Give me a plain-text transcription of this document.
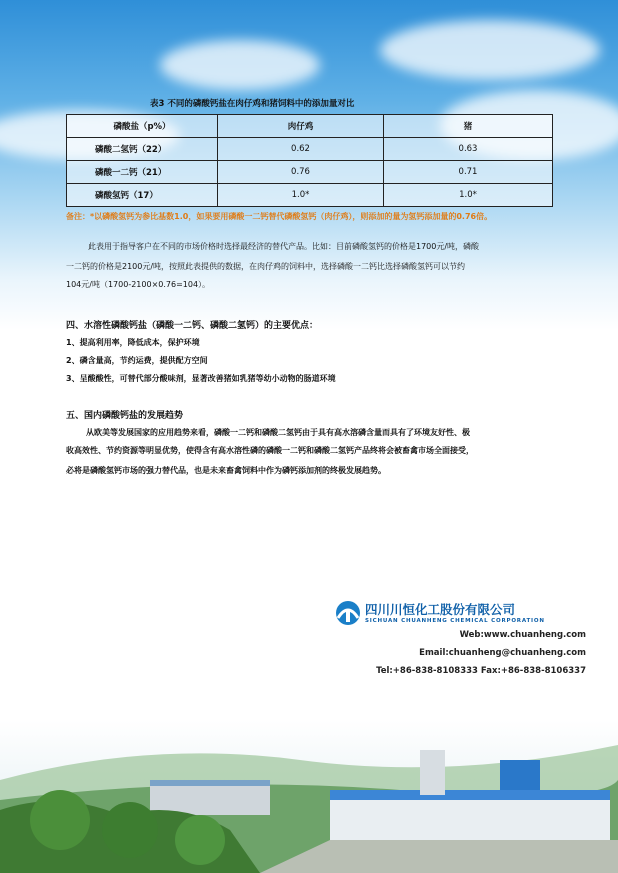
表3 不同的磷酸钙盐在肉仔鸡和猪饲料中的添加量对比
磷酸盐（p%）	肉仔鸡	猪
磷酸二氢钙（22）	0.62	0.63
磷酸一二钙（21）	0.76	0.71
磷酸氢钙（17）	1.0*	1.0*
备注：*以磷酸氢钙为参比基数1.0，如果要用磷酸一二钙替代磷酸氢钙（肉仔鸡），则添加的量为氢钙添加量的0.76倍。
此表用于指导客户在不同的市场价格时选择最经济的替代产品。比如：目前磷酸氢钙的价格是1700元/吨，磷酸
一二钙的价格是2100元/吨，按照此表提供的数据，在肉仔鸡的饲料中，选择磷酸一二钙比选择磷酸氢钙可以节约
104元/吨（1700-2100×0.76=104）。
四、水溶性磷酸钙盐（磷酸一二钙、磷酸二氢钙）的主要优点：
1、提高利用率，降低成本，保护环境
2、磷含量高，节约运费，提供配方空间
3、呈酸酸性，可替代部分酸味剂，显著改善猪如乳猪等幼小动物的肠道环境
五、国内磷酸钙盐的发展趋势
从欧美等发展国家的应用趋势来看，磷酸一二钙和磷酸二氢钙由于具有高水溶磷含量而具有了环境友好性、极
收高效性、节约资源等明显优势，使得含有高水溶性磷的磷酸一二钙和磷酸二氢钙产品终将会被畜禽市场全面接受，
必将是磷酸氢钙市场的强力替代品，也是未来畜禽饲料中作为磷钙添加剂的终极发展趋势。
四川川恒化工股份有限公司
SICHUAN CHUANHENG CHEMICAL CORPORATION
Web:www.chuanheng.com
Email:chuanheng@chuanheng.com
Tel:+86-838-8108333 Fax:+86-838-8106337
